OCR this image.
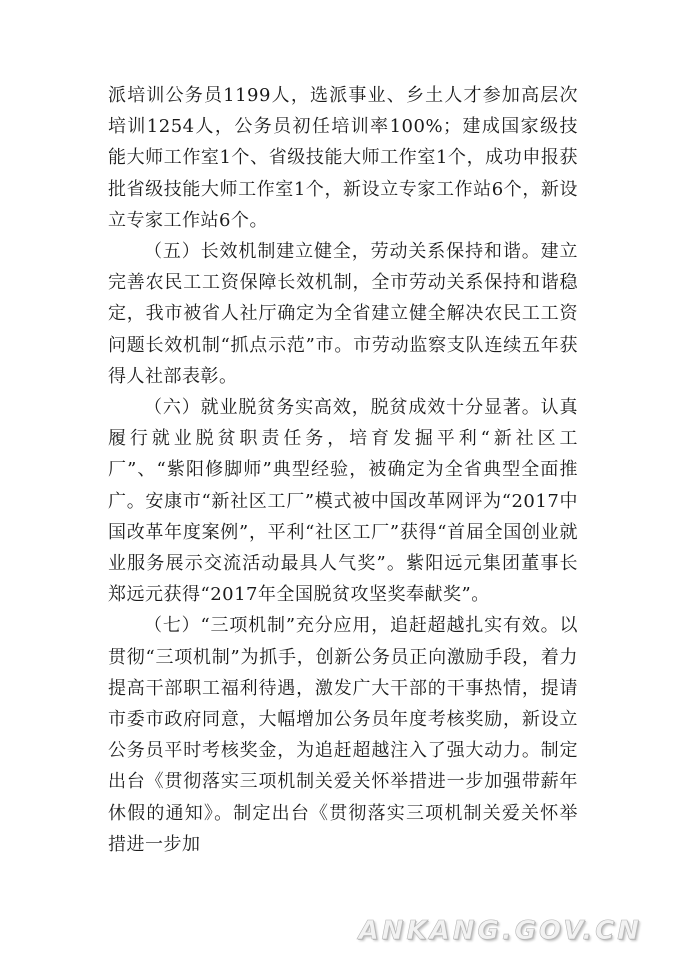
派培训公务员1199人，选派事业、乡土人才参加高层次培训1254人，公务员初任培训率100%；建成国家级技能大师工作室1个、省级技能大师工作室1个，成功申报获批省级技能大师工作室1个，新设立专家工作站6个，新设立专家工作站6个。

（五）长效机制建立健全，劳动关系保持和谐。建立完善农民工工资保障长效机制，全市劳动关系保持和谐稳定，我市被省人社厅确定为全省建立健全解决农民工工资问题长效机制“抓点示范”市。市劳动监察支队连续五年获得人社部表彰。

（六）就业脱贫务实高效，脱贫成效十分显著。认真履行就业脱贫职责任务，培育发掘平利“新社区工厂”、“紫阳修脚师”典型经验，被确定为全省典型全面推广。安康市“新社区工厂”模式被中国改革网评为“2017中国改革年度案例”，平利“社区工厂”获得“首届全国创业就业服务展示交流活动最具人气奖”。紫阳远元集团董事长郑远元获得“2017年全国脱贫攻坚奖奉献奖”。

（七）“三项机制”充分应用，追赶超越扎实有效。以贯彻“三项机制”为抓手，创新公务员正向激励手段，着力提高干部职工福利待遇，激发广大干部的干事热情，提请市委市政府同意，大幅增加公务员年度考核奖励，新设立公务员平时考核奖金，为追赶超越注入了强大动力。制定出台《贯彻落实三项机制关爱关怀举措进一步加强带薪年休假的通知》。制定出台《贯彻落实三项机制关爱关怀举措进一步加

ANKANG.GOV.CN
